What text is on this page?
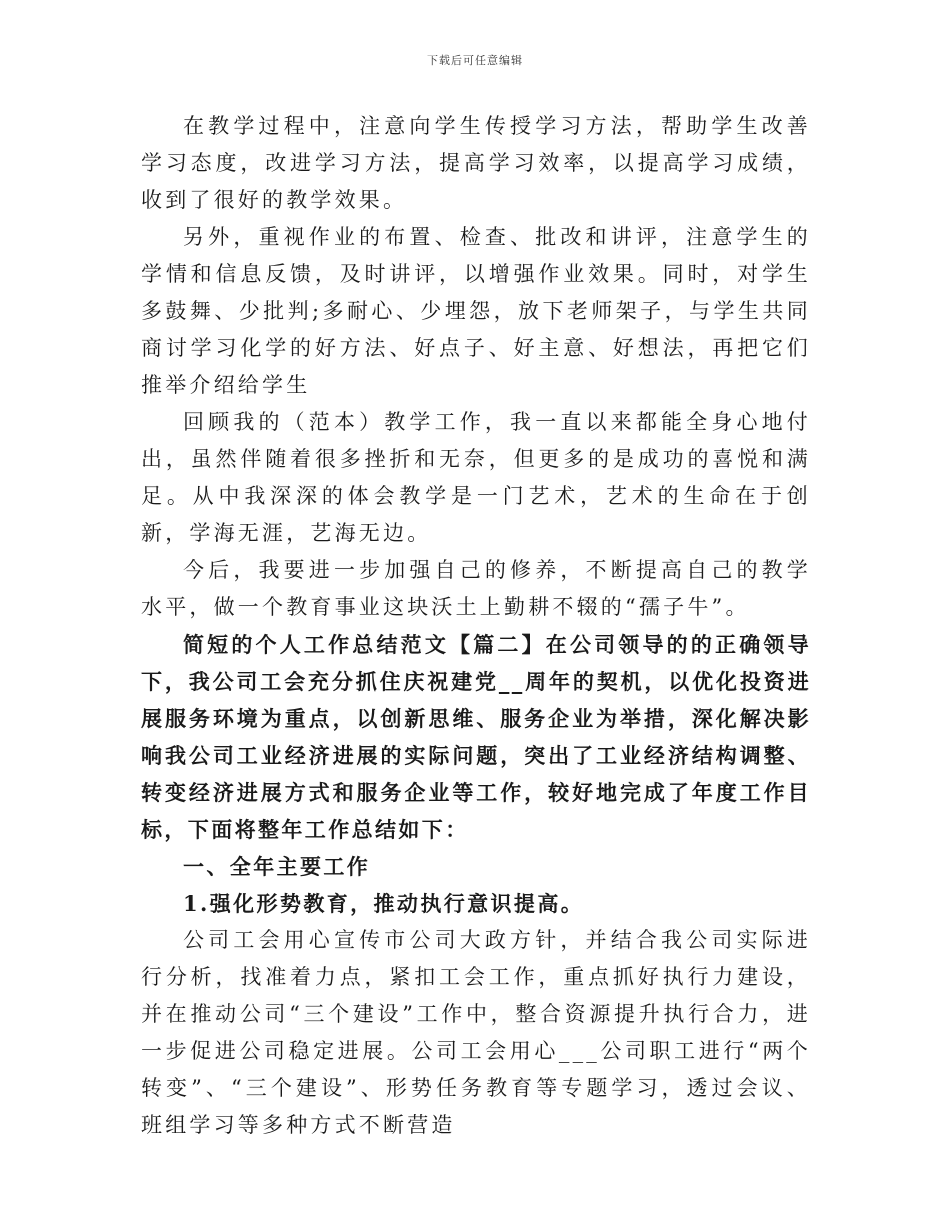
下载后可任意编辑

在教学过程中，注意向学生传授学习方法，帮助学生改善学习态度，改进学习方法，提高学习效率，以提高学习成绩，收到了很好的教学效果。

另外，重视作业的布置、检查、批改和讲评，注意学生的学情和信息反馈，及时讲评，以增强作业效果。同时，对学生多鼓舞、少批判;多耐心、少埋怨，放下老师架子，与学生共同商讨学习化学的好方法、好点子、好主意、好想法，再把它们推举介绍给学生

回顾我的（范本）教学工作，我一直以来都能全身心地付出，虽然伴随着很多挫折和无奈，但更多的是成功的喜悦和满足。从中我深深的体会教学是一门艺术，艺术的生命在于创新，学海无涯，艺海无边。

今后，我要进一步加强自己的修养，不断提高自己的教学水平，做一个教育事业这块沃土上勤耕不辍的“孺子牛”。

简短的个人工作总结范文【篇二】在公司领导的的正确领导下，我公司工会充分抓住庆祝建党__周年的契机，以优化投资进展服务环境为重点，以创新思维、服务企业为举措，深化解决影响我公司工业经济进展的实际问题，突出了工业经济结构调整、转变经济进展方式和服务企业等工作，较好地完成了年度工作目标，下面将整年工作总结如下：

一、全年主要工作

1.强化形势教育，推动执行意识提高。

公司工会用心宣传市公司大政方针，并结合我公司实际进行分析，找准着力点，紧扣工会工作，重点抓好执行力建设，并在推动公司“三个建设”工作中，整合资源提升执行合力，进一步促进公司稳定进展。公司工会用心___公司职工进行“两个转变”、“三个建设”、形势任务教育等专题学习，透过会议、班组学习等多种方式不断营造
